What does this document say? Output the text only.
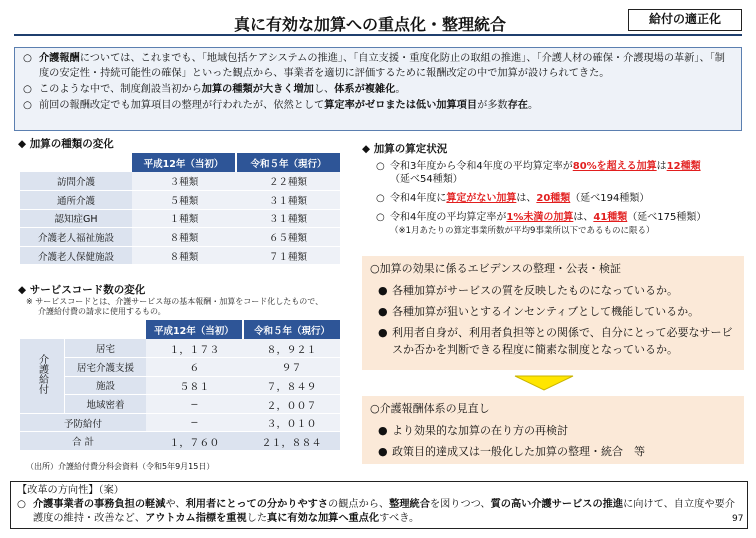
真に有効な加算への重点化・整理統合	給付の適正化

○ 介護報酬については、これまでも、「地域包括ケアシステムの推進」、「自立支援・重度化防止の取組の推進」、「介護人材の確保・介護現場の革新」、「制度の安定性・持続可能性の確保」といった観点から、事業者を適切に評価するために報酬改定の中で加算が設けられてきた。

○ このような中で、制度創設当初から加算の種類が大きく増加し、体系が複雑化。

○ 前回の報酬改定でも加算項目の整理が行われたが、依然として算定率がゼロまたは低い加算項目が多数存在。

◆ 加算の種類の変化
	平成12年（当初）	令和５年（現行）
訪問介護	３種類	２２種類
通所介護	５種類	３１種類
認知症GH	１種類	３１種類
介護老人福祉施設	８種類	６５種類
介護老人保健施設	８種類	７１種類
◆ サービスコード数の変化
※ サービスコードとは、介護サービス毎の基本報酬・加算をコード化したもので、
介護給付費の請求に使用するもの。
		平成12年（当初）	令和５年（現行）
介護給付	居宅	１，１７３	８，９２１
	居宅介護支援	６	９７
	施設	５８１	７，８４９
	地域密着	—	２，００７
予防給付		—	３，０１０
合 計		１，７６０	２１，８８４
（出所）介護給付費分科会資料（令和5年9月15日）
◆ 加算の算定状況
○ 令和3年度から令和4年度の平均算定率が80%を超える加算は12種類
（延べ54種類）
○ 令和4年度に算定がない加算は、20種類（延べ194種類）
○ 令和4年度の平均算定率が1%未満の加算は、41種類（延べ175種類）
（※1月あたりの算定事業所数が平均9事業所以下であるものに限る）
○加算の効果に係るエビデンスの整理・公表・検証
● 各種加算がサービスの質を反映したものになっているか。
● 各種加算が狙いとするインセンティブとして機能しているか。
● 利用者自身が、利用者負担等との関係で、自分にとって必要なサービスか否かを判断できる程度に簡素な制度となっているか。
○介護報酬体系の見直し
● より効果的な加算の在り方の再検討
● 政策目的達成又は一般化した加算の整理・統合　等
【改革の方向性】（案）
○ 介護事業者の事務負担の軽減や、利用者にとっての分かりやすさの観点から、整理統合を図りつつ、質の高い介護サービスの推進に向けて、自立度や要介護度の維持・改善など、アウトカム指標を重視した真に有効な加算へ重点化すべき。	97
